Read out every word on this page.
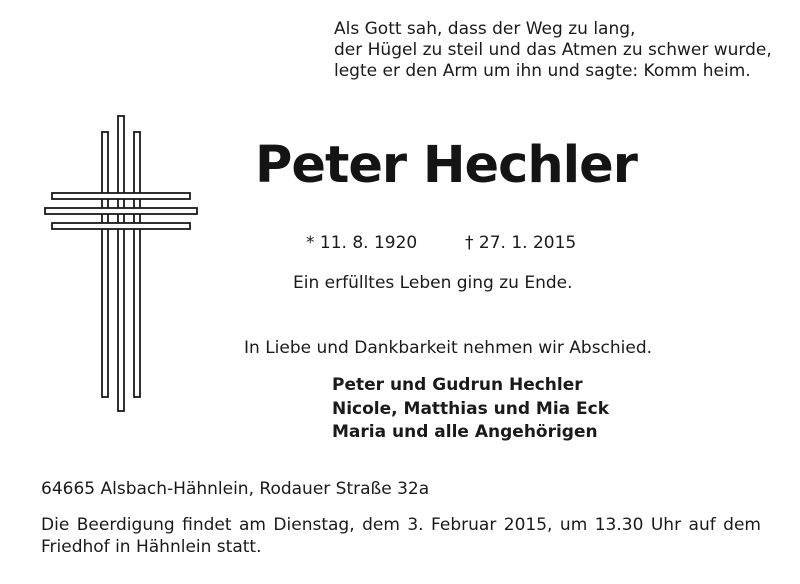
Als Gott sah, dass der Weg zu lang,
der Hügel zu steil und das Atmen zu schwer wurde,
legte er den Arm um ihn und sagte: Komm heim.
Peter Hechler
* 11. 8. 1920	† 27. 1. 2015
Ein erfülltes Leben ging zu Ende.
In Liebe und Dankbarkeit nehmen wir Abschied.
Peter und Gudrun Hechler
Nicole, Matthias und Mia Eck
Maria und alle Angehörigen
64665 Alsbach-Hähnlein, Rodauer Straße 32a
Die Beerdigung findet am Dienstag, dem 3. Februar 2015, um 13.30 Uhr auf dem Friedhof in Hähnlein statt.
